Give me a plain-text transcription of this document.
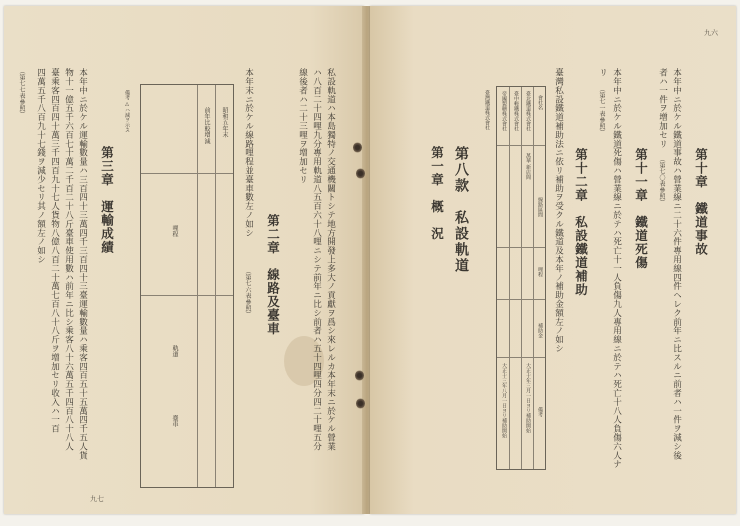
私設軌道ハ本島獨特ノ交通機關トシテ地方開發上多大ノ貢獻ヲ爲シ來レルカ本年末ニ於ケル營業
ハ八百二十四哩九分專用軌道八五百六十八哩ニシテ前年ニ比シ前者ハ五十四哩四分四二十哩五分
線後者ハ二十三哩ヲ增加セリ
第二章　線路及臺車
本年末ニ於ケル線路哩程並臺車數左ノ如シ
（第七六表參照）
昭和五年末
前年比較增減
哩程
軌道
臺車
備考 △ハ減ヲ示ス
第三章　運輸成績
本年中ニ於ケル運輸數量ハ三百四十三萬四千三百四十三臺運輸數量ハ乘客四百五十五萬四千五人貨
物十一億五千六百七十萬二千百二十八斤臺車使用數ハ前年ニ比シ乘客八十六萬五千四百八十八人
臺乘客四百四十萬三千四百九十七人貨物八億八百二十萬七百八十八斤ヲ增加セリ收入ハ一百
四萬五千八百九十七錢ヲ減少セリ其ノ額左ノ如シ
（第七七表參照）
九七
九六
第十章　鐵道事故
本年中ニ於ケル鐵道事故ハ營業線ニ二十六件專用線四件ヘレク前年ニ比スルニ前者ハ一件ヲ減シ後
者ハ一件ヲ增加セリ
（第七〇表參照）
第十一章　鐵道死傷
本年中ニ於ケル鐵道死傷ハ營業線ニ於テハ死亡十一人負傷九人專用線ニ於テハ死亡十八人負傷六人ナ
リ
（第七一表參照）
第十二章　私設鐵道補助
臺灣私設鐵道補助法ニ依リ補助ヲ受クル鐵道及本年ノ補助金額左ノ如シ
線路區間
哩程
補助金
備考
會社名
臺北鐵道株式會社
萬華 新店間
大正十年三月一日ヨリ補助開始
臺中輕鐵株式會社
帝國製糖株式會社
大正十三年八月一日ヨリ補助開始
臺灣鐵道株式會社
第八款　私設軌道
第一章　概　況
